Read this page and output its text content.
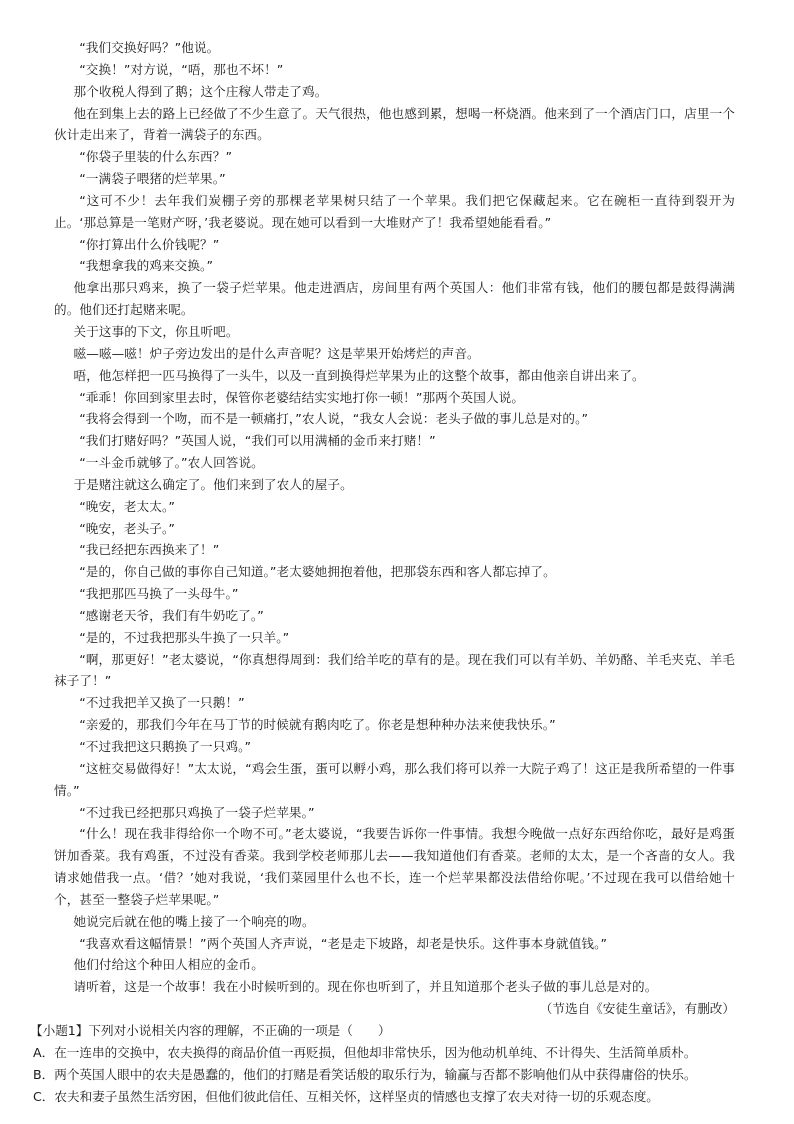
“我们交换好吗？”他说。

“交换！”对方说，“唔，那也不坏！”

那个收税人得到了鹅；这个庄稼人带走了鸡。

他在到集上去的路上已经做了不少生意了。天气很热，他也感到累，想喝一杯烧酒。他来到了一个酒店门口，店里一个伙计走出来了，背着一满袋子的东西。

“你袋子里装的什么东西？”

“一满袋子喂猪的烂苹果。”

“这可不少！去年我们炭棚子旁的那棵老苹果树只结了一个苹果。我们把它保藏起来。它在碗柜一直待到裂开为止。‘那总算是一笔财产呀，’我老婆说。现在她可以看到一大堆财产了！我希望她能看看。”

“你打算出什么价钱呢？”

“我想拿我的鸡来交换。”

他拿出那只鸡来，换了一袋子烂苹果。他走进酒店，房间里有两个英国人：他们非常有钱，他们的腰包都是鼓得满满的。他们还打起赌来呢。

关于这事的下文，你且听吧。

嗞—嗞—嗞！炉子旁边发出的是什么声音呢？这是苹果开始烤烂的声音。

唔，他怎样把一匹马换得了一头牛，以及一直到换得烂苹果为止的这整个故事，都由他亲自讲出来了。

“乖乖！你回到家里去时，保管你老婆结结实实地打你一顿！”那两个英国人说。

“我将会得到一个吻，而不是一顿痛打，”农人说，“我女人会说：老头子做的事儿总是对的。”

“我们打赌好吗？”英国人说，“我们可以用满桶的金币来打赌！”

“一斗金币就够了。”农人回答说。

于是赌注就这么确定了。他们来到了农人的屋子。

“晚安，老太太。”

“晚安，老头子。”

“我已经把东西换来了！”

“是的，你自己做的事你自己知道。”老太婆她拥抱着他，把那袋东西和客人都忘掉了。

“我把那匹马换了一头母牛。”

“感谢老天爷，我们有牛奶吃了。”

“是的，不过我把那头牛换了一只羊。”

“啊，那更好！”老太婆说，“你真想得周到：我们给羊吃的草有的是。现在我们可以有羊奶、羊奶酪、羊毛夹克、羊毛袜子了！”

“不过我把羊又换了一只鹅！”

“亲爱的，那我们今年在马丁节的时候就有鹅肉吃了。你老是想种种办法来使我快乐。”

“不过我把这只鹅换了一只鸡。”

“这桩交易做得好！”太太说，“鸡会生蛋，蛋可以孵小鸡，那么我们将可以养一大院子鸡了！这正是我所希望的一件事情。”

“不过我已经把那只鸡换了一袋子烂苹果。”

“什么！现在我非得给你一个吻不可。”老太婆说，“我要告诉你一件事情。我想今晚做一点好东西给你吃，最好是鸡蛋饼加香菜。我有鸡蛋，不过没有香菜。我到学校老师那儿去——我知道他们有香菜。老师的太太，是一个吝啬的女人。我请求她借我一点。‘借？’她对我说，‘我们菜园里什么也不长，连一个烂苹果都没法借给你呢。’不过现在我可以借给她十个，甚至一整袋子烂苹果呢。”

她说完后就在他的嘴上接了一个响亮的吻。

“我喜欢看这幅情景！”两个英国人齐声说，“老是走下坡路，却老是快乐。这件事本身就值钱。”

他们付给这个种田人相应的金币。

请听着，这是一个故事！我在小时候听到的。现在你也听到了，并且知道那个老头子做的事儿总是对的。

（节选自《安徒生童话》，有删改）

【小题1】下列对小说相关内容的理解，不正确的一项是（　　）

A．在一连串的交换中，农夫换得的商品价值一再贬损，但他却非常快乐，因为他动机单纯、不计得失、生活简单质朴。

B．两个英国人眼中的农夫是愚蠢的，他们的打赌是看笑话般的取乐行为，输赢与否都不影响他们从中获得庸俗的快乐。

C．农夫和妻子虽然生活穷困，但他们彼此信任、互相关怀，这样坚贞的情感也支撑了农夫对待一切的乐观态度。
